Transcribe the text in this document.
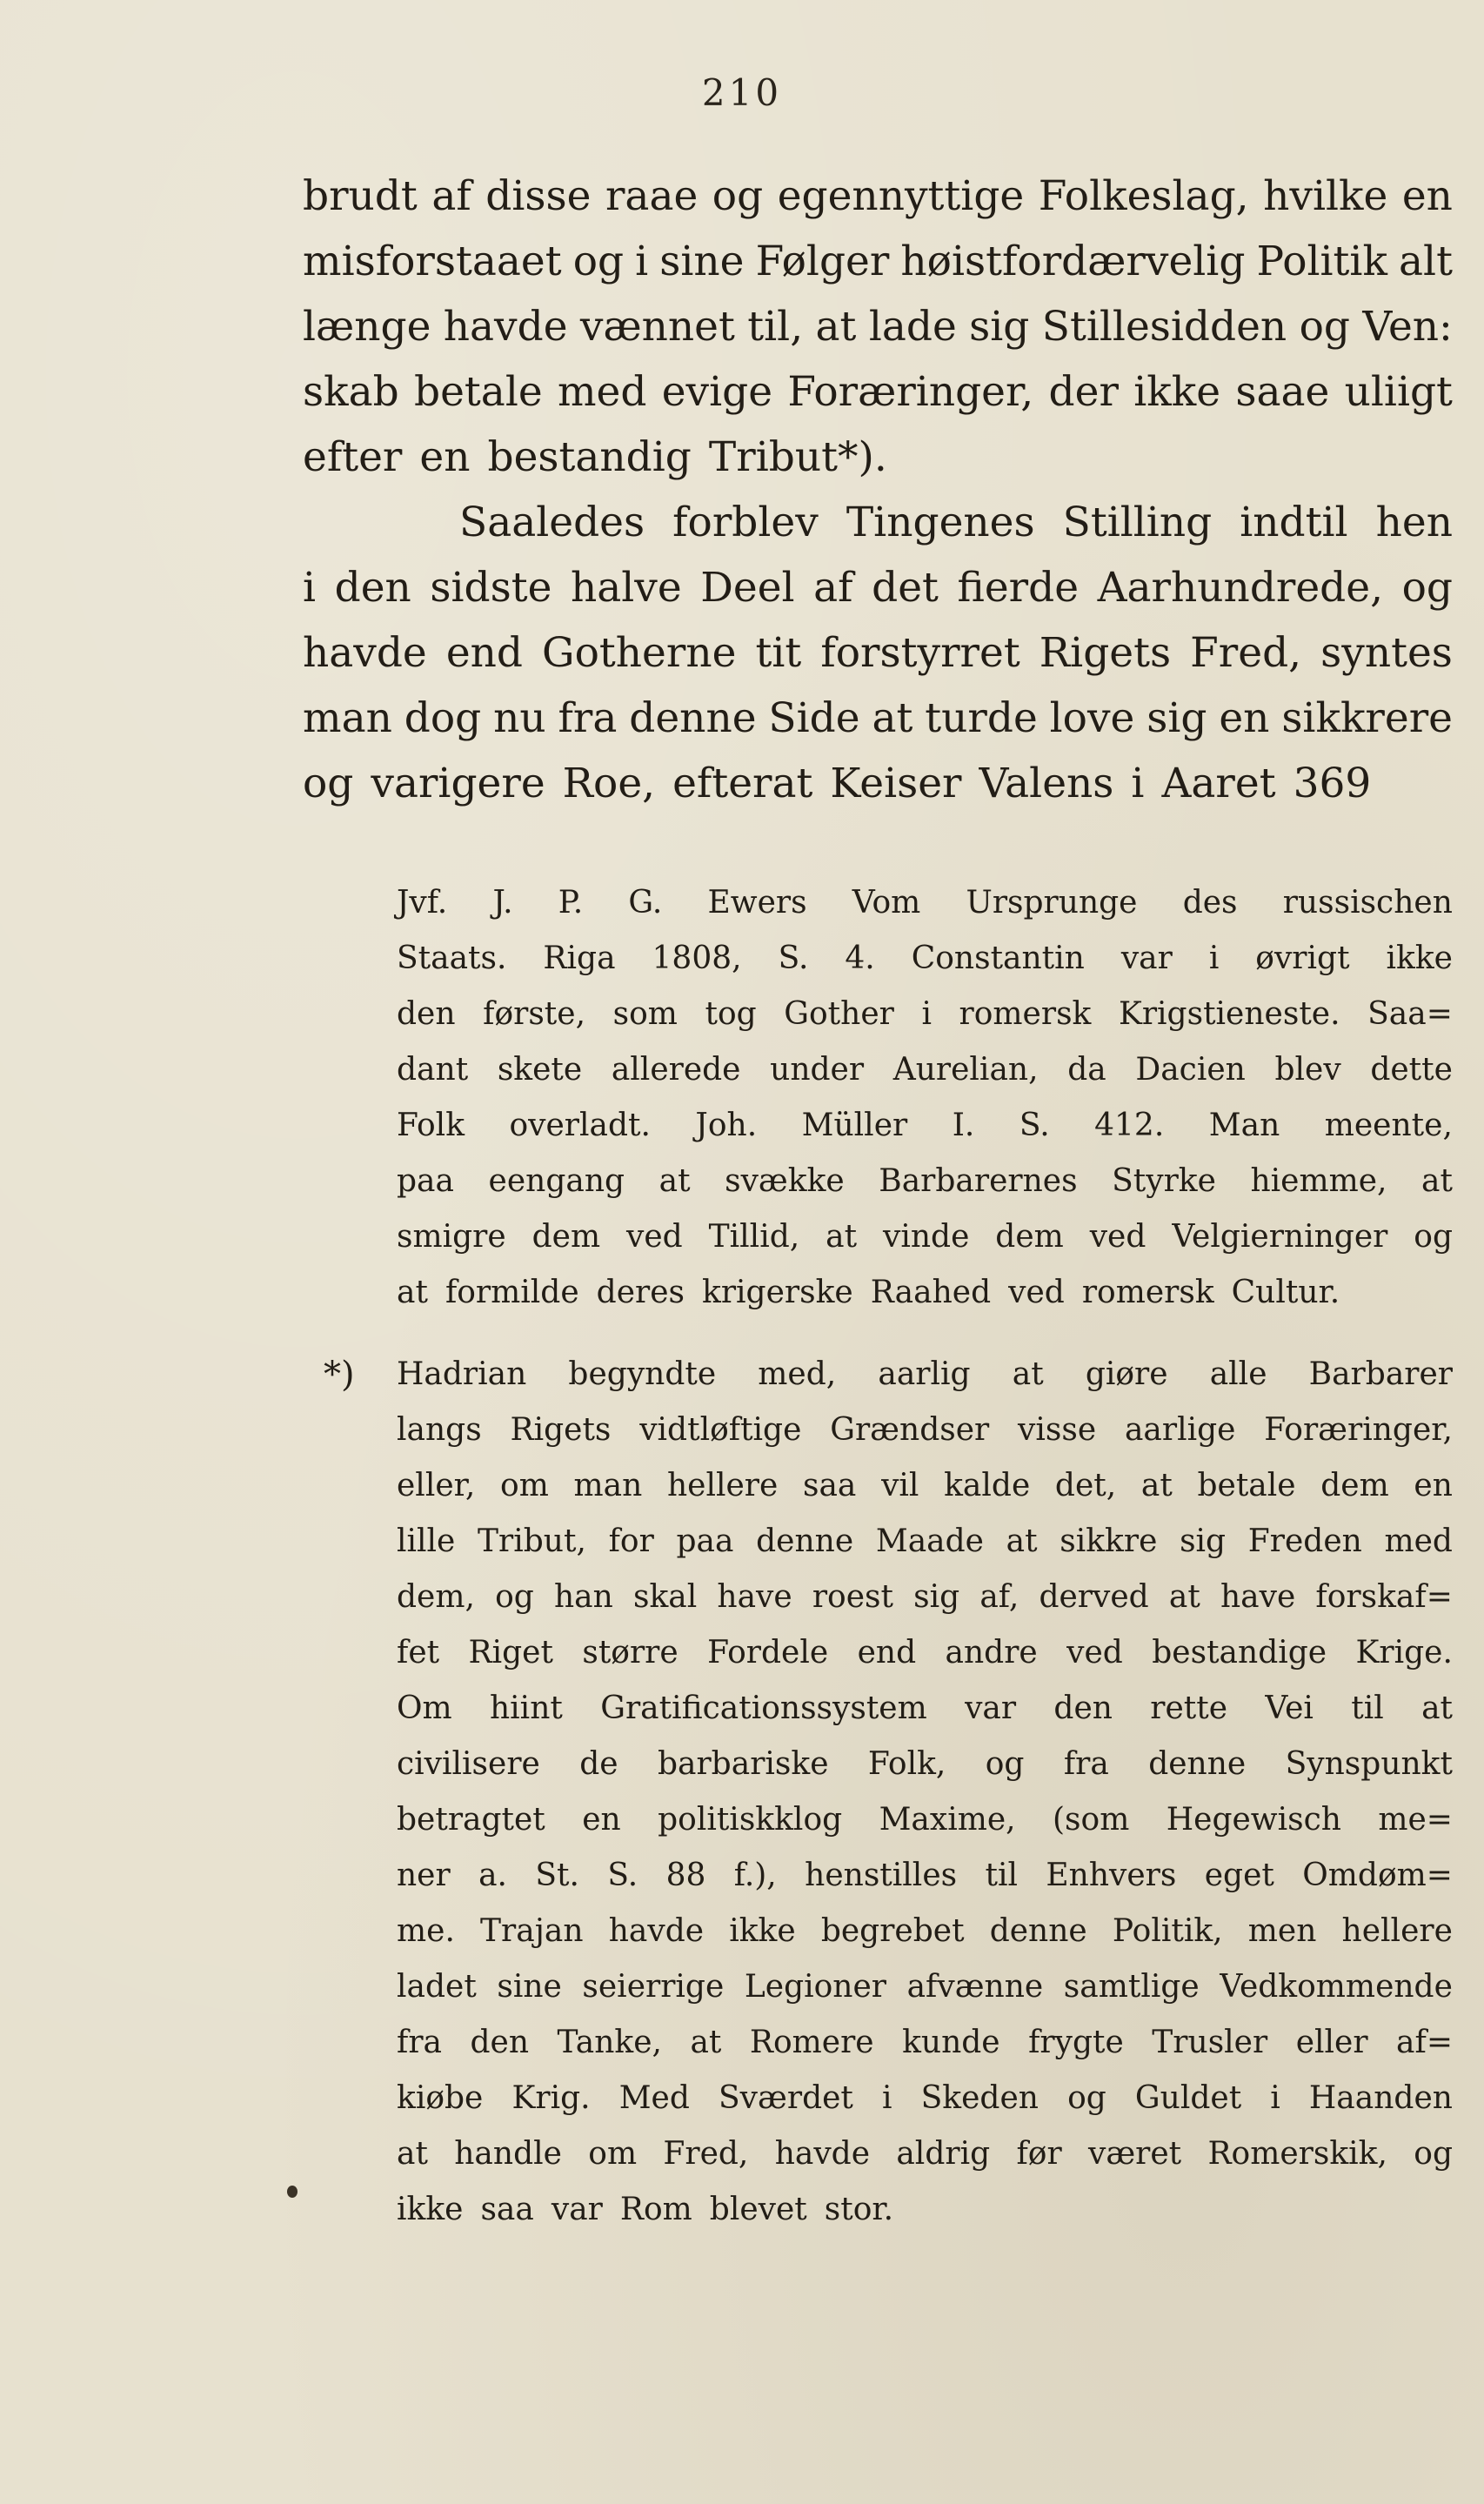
210
brudt af disse raae og egennyttige Folkeslag, hvilke en
misforstaaet og i sine Følger høistfordærvelig Politik alt
længe havde vænnet til, at lade sig Stillesidden og Ven:
skab betale med evige Foræringer, der ikke saae uliigt
efter en bestandig Tribut*).
Saaledes forblev Tingenes Stilling indtil hen
i den sidste halve Deel af det fierde Aarhundrede, og
havde end Gotherne tit forstyrret Rigets Fred, syntes
man dog nu fra denne Side at turde love sig en sikkrere
og varigere Roe, efterat Keiser Valens i Aaret 369
Jvf. J. P. G. Ewers Vom Ursprunge des russischen
Staats. Riga 1808, S. 4. Constantin var i øvrigt ikke
den første, som tog Gother i romersk Krigstieneste. Saa=
dant skete allerede under Aurelian, da Dacien blev dette
Folk overladt. Joh. Müller I. S. 412. Man meente,
paa eengang at svække Barbarernes Styrke hiemme, at
smigre dem ved Tillid, at vinde dem ved Velgierninger og
at formilde deres krigerske Raahed ved romersk Cultur.
*) Hadrian begyndte med, aarlig at giøre alle Barbarer
langs Rigets vidtløftige Grændser visse aarlige Foræringer,
eller, om man hellere saa vil kalde det, at betale dem en
lille Tribut, for paa denne Maade at sikkre sig Freden med
dem, og han skal have roest sig af, derved at have forskaf=
fet Riget større Fordele end andre ved bestandige Krige.
Om hiint Gratificationssystem var den rette Vei til at
civilisere de barbariske Folk, og fra denne Synspunkt
betragtet en politiskklog Maxime, (som Hegewisch me=
ner a. St. S. 88 f.), henstilles til Enhvers eget Omdøm=
me. Trajan havde ikke begrebet denne Politik, men hellere
ladet sine seierrige Legioner afvænne samtlige Vedkommende
fra den Tanke, at Romere kunde frygte Trusler eller af=
kiøbe Krig. Med Sværdet i Skeden og Guldet i Haanden
at handle om Fred, havde aldrig før været Romerskik, og
ikke saa var Rom blevet stor.
